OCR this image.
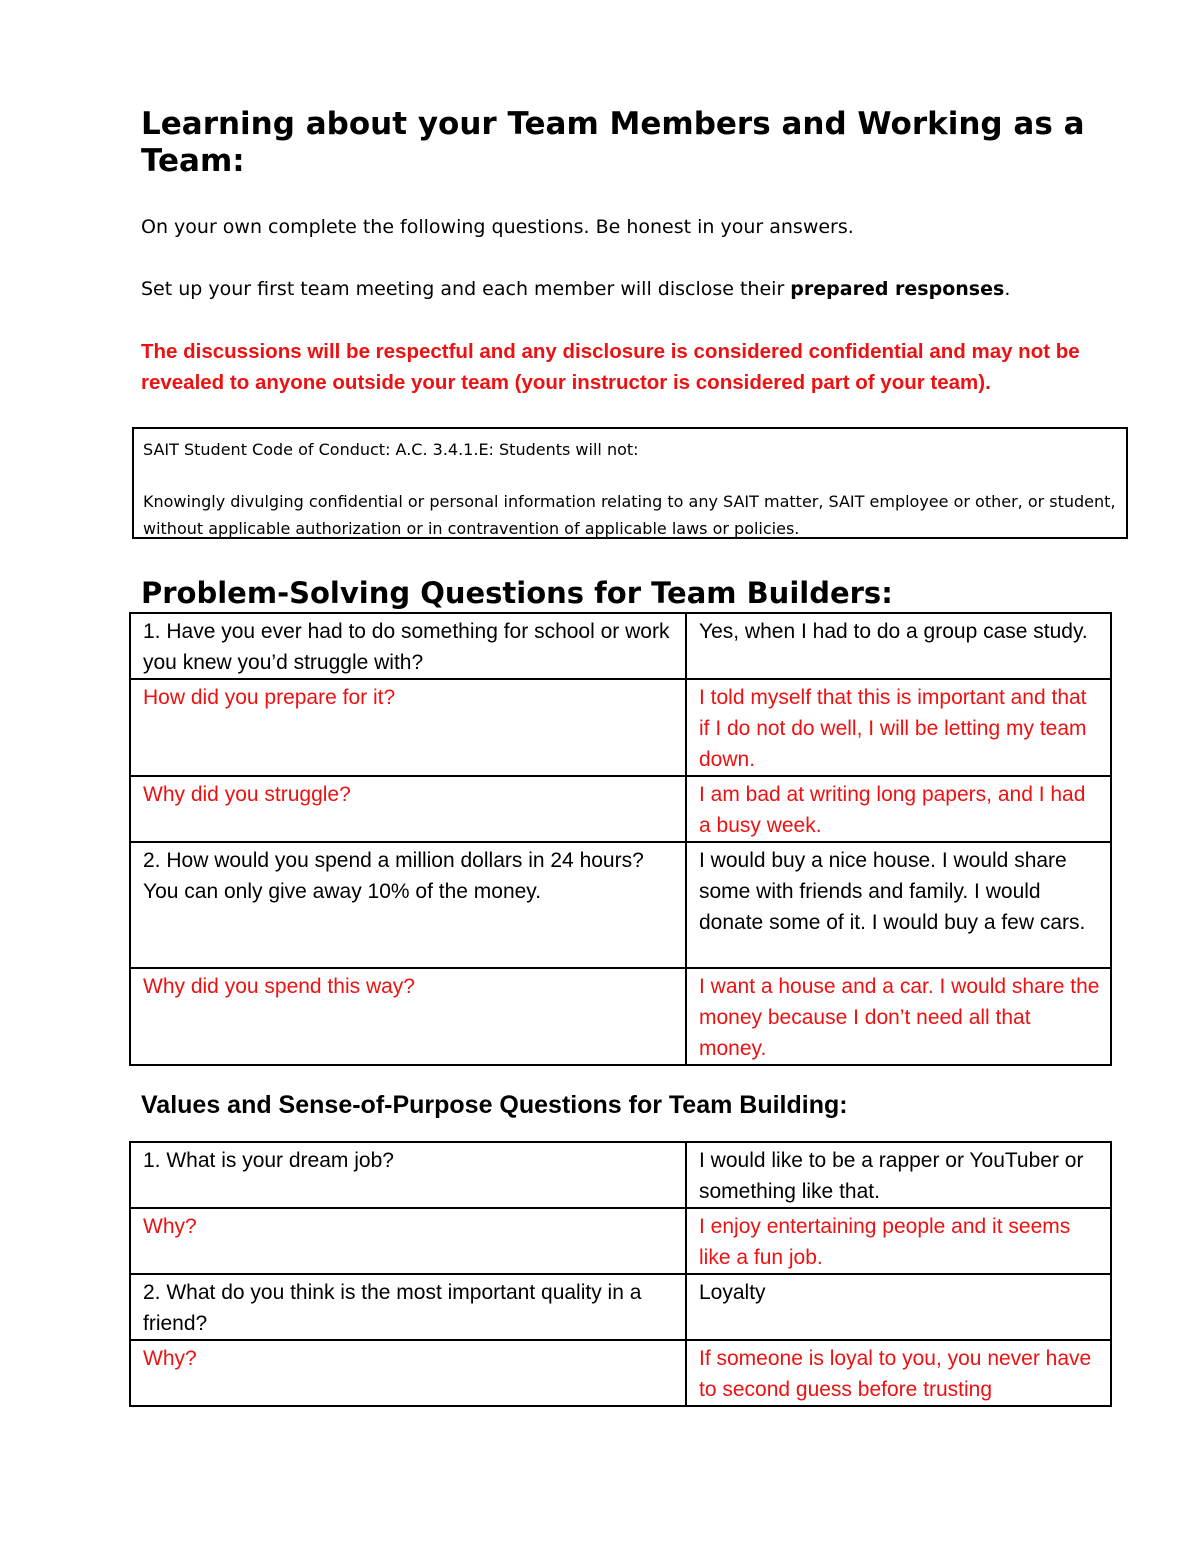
Learning about your Team Members and Working as a Team:

On your own complete the following questions. Be honest in your answers.

Set up your first team meeting and each member will disclose their prepared responses.

The discussions will be respectful and any disclosure is considered confidential and may not be revealed to anyone outside your team (your instructor is considered part of your team).

SAIT Student Code of Conduct: A.C. 3.4.1.E: Students will not:

Knowingly divulging confidential or personal information relating to any SAIT matter, SAIT employee or other, or student, without applicable authorization or in contravention of applicable laws or policies.

Problem-Solving Questions for Team Builders:
1. Have you ever had to do something for school or work you knew you’d struggle with?	Yes, when I had to do a group case study.
How did you prepare for it?	I told myself that this is important and that if I do not do well, I will be letting my team down.
Why did you struggle?	I am bad at writing long papers, and I had a busy week.
2. How would you spend a million dollars in 24 hours? You can only give away 10% of the money.	I would buy a nice house. I would share some with friends and family. I would donate some of it. I would buy a few cars.
Why did you spend this way?	I want a house and a car. I would share the money because I don’t need all that money.
Values and Sense-of-Purpose Questions for Team Building:
1. What is your dream job?	I would like to be a rapper or YouTuber or something like that.
Why?	I enjoy entertaining people and it seems like a fun job.
2. What do you think is the most important quality in a friend?	Loyalty
Why?	If someone is loyal to you, you never have to second guess before trusting
